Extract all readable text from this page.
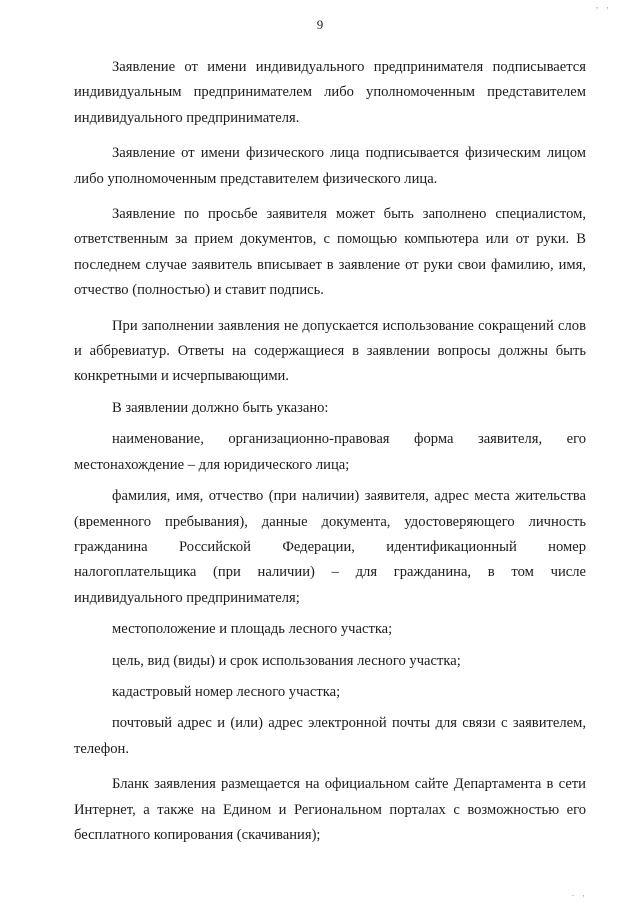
9

Заявление от имени индивидуального предпринимателя подписывается индивидуальным предпринимателем либо уполномоченным представителем индивидуального предпринимателя.

Заявление от имени физического лица подписывается физическим лицом либо уполномоченным представителем физического лица.

Заявление по просьбе заявителя может быть заполнено специалистом, ответственным за прием документов, с помощью компьютера или от руки. В последнем случае заявитель вписывает в заявление от руки свои фамилию, имя, отчество (полностью) и ставит подпись.

При заполнении заявления не допускается использование сокращений слов и аббревиатур. Ответы на содержащиеся в заявлении вопросы должны быть конкретными и исчерпывающими.

В заявлении должно быть указано:

наименование, организационно-правовая форма заявителя, его местонахождение – для юридического лица;

фамилия, имя, отчество (при наличии) заявителя, адрес места жительства (временного пребывания), данные документа, удостоверяющего личность гражданина Российской Федерации, идентификационный номер налогоплательщика (при наличии) – для гражданина, в том числе индивидуального предпринимателя;

местоположение и площадь лесного участка;

цель, вид (виды) и срок использования лесного участка;

кадастровый номер лесного участка;

почтовый адрес и (или) адрес электронной почты для связи с заявителем, телефон.

Бланк заявления размещается на официальном сайте Департамента в сети Интернет, а также на Едином и Региональном порталах с возможностью его бесплатного копирования (скачивания);

, ,
. ,
